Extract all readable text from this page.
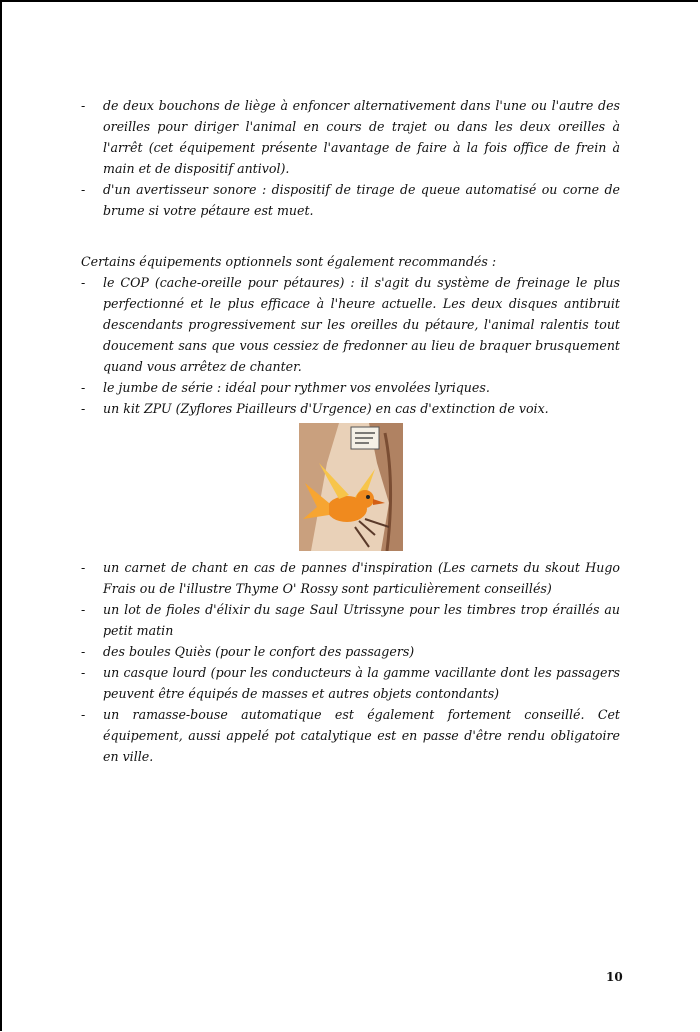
- de deux bouchons de liège à enfoncer alternativement dans l'une ou l'autre des oreilles pour diriger l'animal en cours de trajet ou dans les deux oreilles à l'arrêt (cet équipement présente l'avantage de faire à la fois office de frein à main et de dispositif antivol).
- d'un avertisseur sonore : dispositif de tirage de queue automatisé ou corne de brume si votre pétaure est muet.

Certains équipements optionnels sont également recommandés :

- le COP (cache-oreille pour pétaures) : il s'agit du système de freinage le plus perfectionné et le plus efficace à l'heure actuelle. Les deux disques antibruit descendants progressivement sur les oreilles du pétaure, l'animal ralentis tout doucement sans que vous cessiez de fredonner au lieu de braquer brusquement quand vous arrêtez de chanter.
- le jumbe de série : idéal pour rythmer vos envolées lyriques.
- un kit ZPU (Zyflores Piailleurs d'Urgence) en cas d'extinction de voix.
- un carnet de chant en cas de pannes d'inspiration (Les carnets du skout Hugo Frais ou de l'illustre Thyme O' Rossy sont particulièrement conseillés)
- un lot de fioles d'élixir du sage Saul Utrissyne pour les timbres trop éraillés au petit matin
- des boules Quiès (pour le confort des passagers)
- un casque lourd (pour les conducteurs à la gamme vacillante dont les passagers peuvent être équipés de masses et autres objets contondants)
- un ramasse-bouse automatique est également fortement conseillé. Cet équipement, aussi appelé pot catalytique est en passe d'être rendu obligatoire en ville.
10
